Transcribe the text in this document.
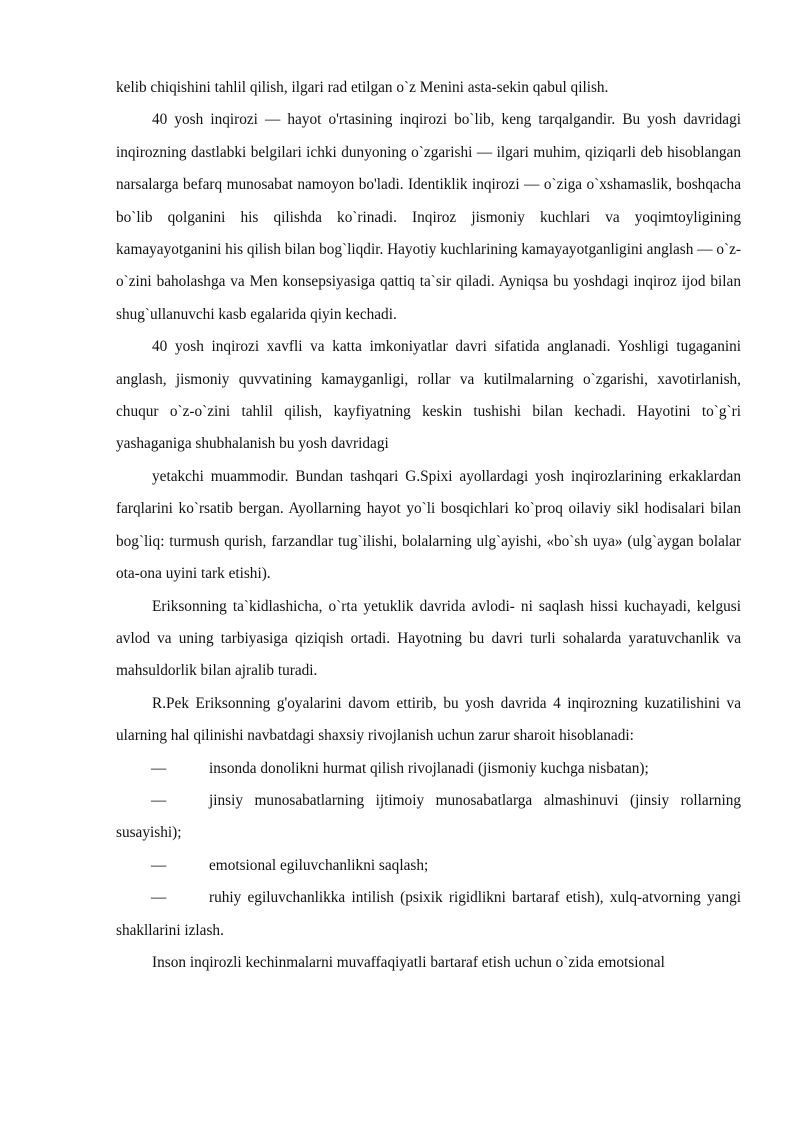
kelib chiqishini tahlil qilish, ilgari rad etilgan o`z Menini asta-sekin qabul qilish.

40 yosh inqirozi — hayot o'rtasining inqirozi bo`lib, keng tarqalgandir. Bu yosh davridagi inqirozning dastlabki belgilari ichki dunyoning o`zgarishi — ilgari muhim, qiziqarli deb hisoblangan narsalarga befarq munosabat namoyon bo'ladi. Identiklik inqirozi — o`ziga o`xshamaslik, boshqacha bo`lib qolganini his qilishda ko`rinadi. Inqiroz jismoniy kuchlari va yoqimtoyligining kamayayotganini his qilish bilan bog`liqdir. Hayotiy kuchlarining kamayayotganligini anglash — o`z-o`zini baholashga va Men konsepsiyasiga qattiq ta`sir qiladi. Ayniqsa bu yoshdagi inqiroz ijod bilan shug`ullanuvchi kasb egalarida qiyin kechadi.

40 yosh inqirozi xavfli va katta imkoniyatlar davri sifatida anglanadi. Yoshligi tugaganini anglash, jismoniy quvvatining kamayganligi, rollar va kutilmalarning o`zgarishi, xavotirlanish, chuqur o`z-o`zini tahlil qilish, kayfiyatning keskin tushishi bilan kechadi. Hayotini to`g`ri yashaganiga shubhalanish bu yosh davridagi

yetakchi muammodir. Bundan tashqari G.Spixi ayollardagi yosh inqirozlarining erkaklardan farqlarini ko`rsatib bergan. Ayollarning hayot yo`li bosqichlari ko`proq oilaviy sikl hodisalari bilan bog`liq: turmush qurish, farzandlar tug`ilishi, bolalarning ulg`ayishi, «bo`sh uya» (ulg`aygan bolalar ota-ona uyini tark etishi).

Eriksonning ta`kidlashicha, o`rta yetuklik davrida avlodi- ni saqlash hissi kuchayadi, kelgusi avlod va uning tarbiyasiga qiziqish ortadi. Hayotning bu davri turli sohalarda yaratuvchanlik va mahsuldorlik bilan ajralib turadi.

R.Pek Eriksonning g'oyalarini davom ettirib, bu yosh davrida 4 inqirozning kuzatilishini va ularning hal qilinishi navbatdagi shaxsiy rivojlanish uchun zarur sharoit hisoblanadi:

—	insonda donolikni hurmat qilish rivojlanadi (jismoniy kuchga nisbatan);
—	jinsiy munosabatlarning ijtimoiy munosabatlarga almashinuvi (jinsiy rollarning susayishi);
—	emotsional egiluvchanlikni saqlash;
—	ruhiy egiluvchanlikka intilish (psixik rigidlikni bartaraf etish), xulq-atvorning yangi shakllarini izlash.

Inson inqirozli kechinmalarni muvaffaqiyatli bartaraf etish uchun o`zida emotsional
